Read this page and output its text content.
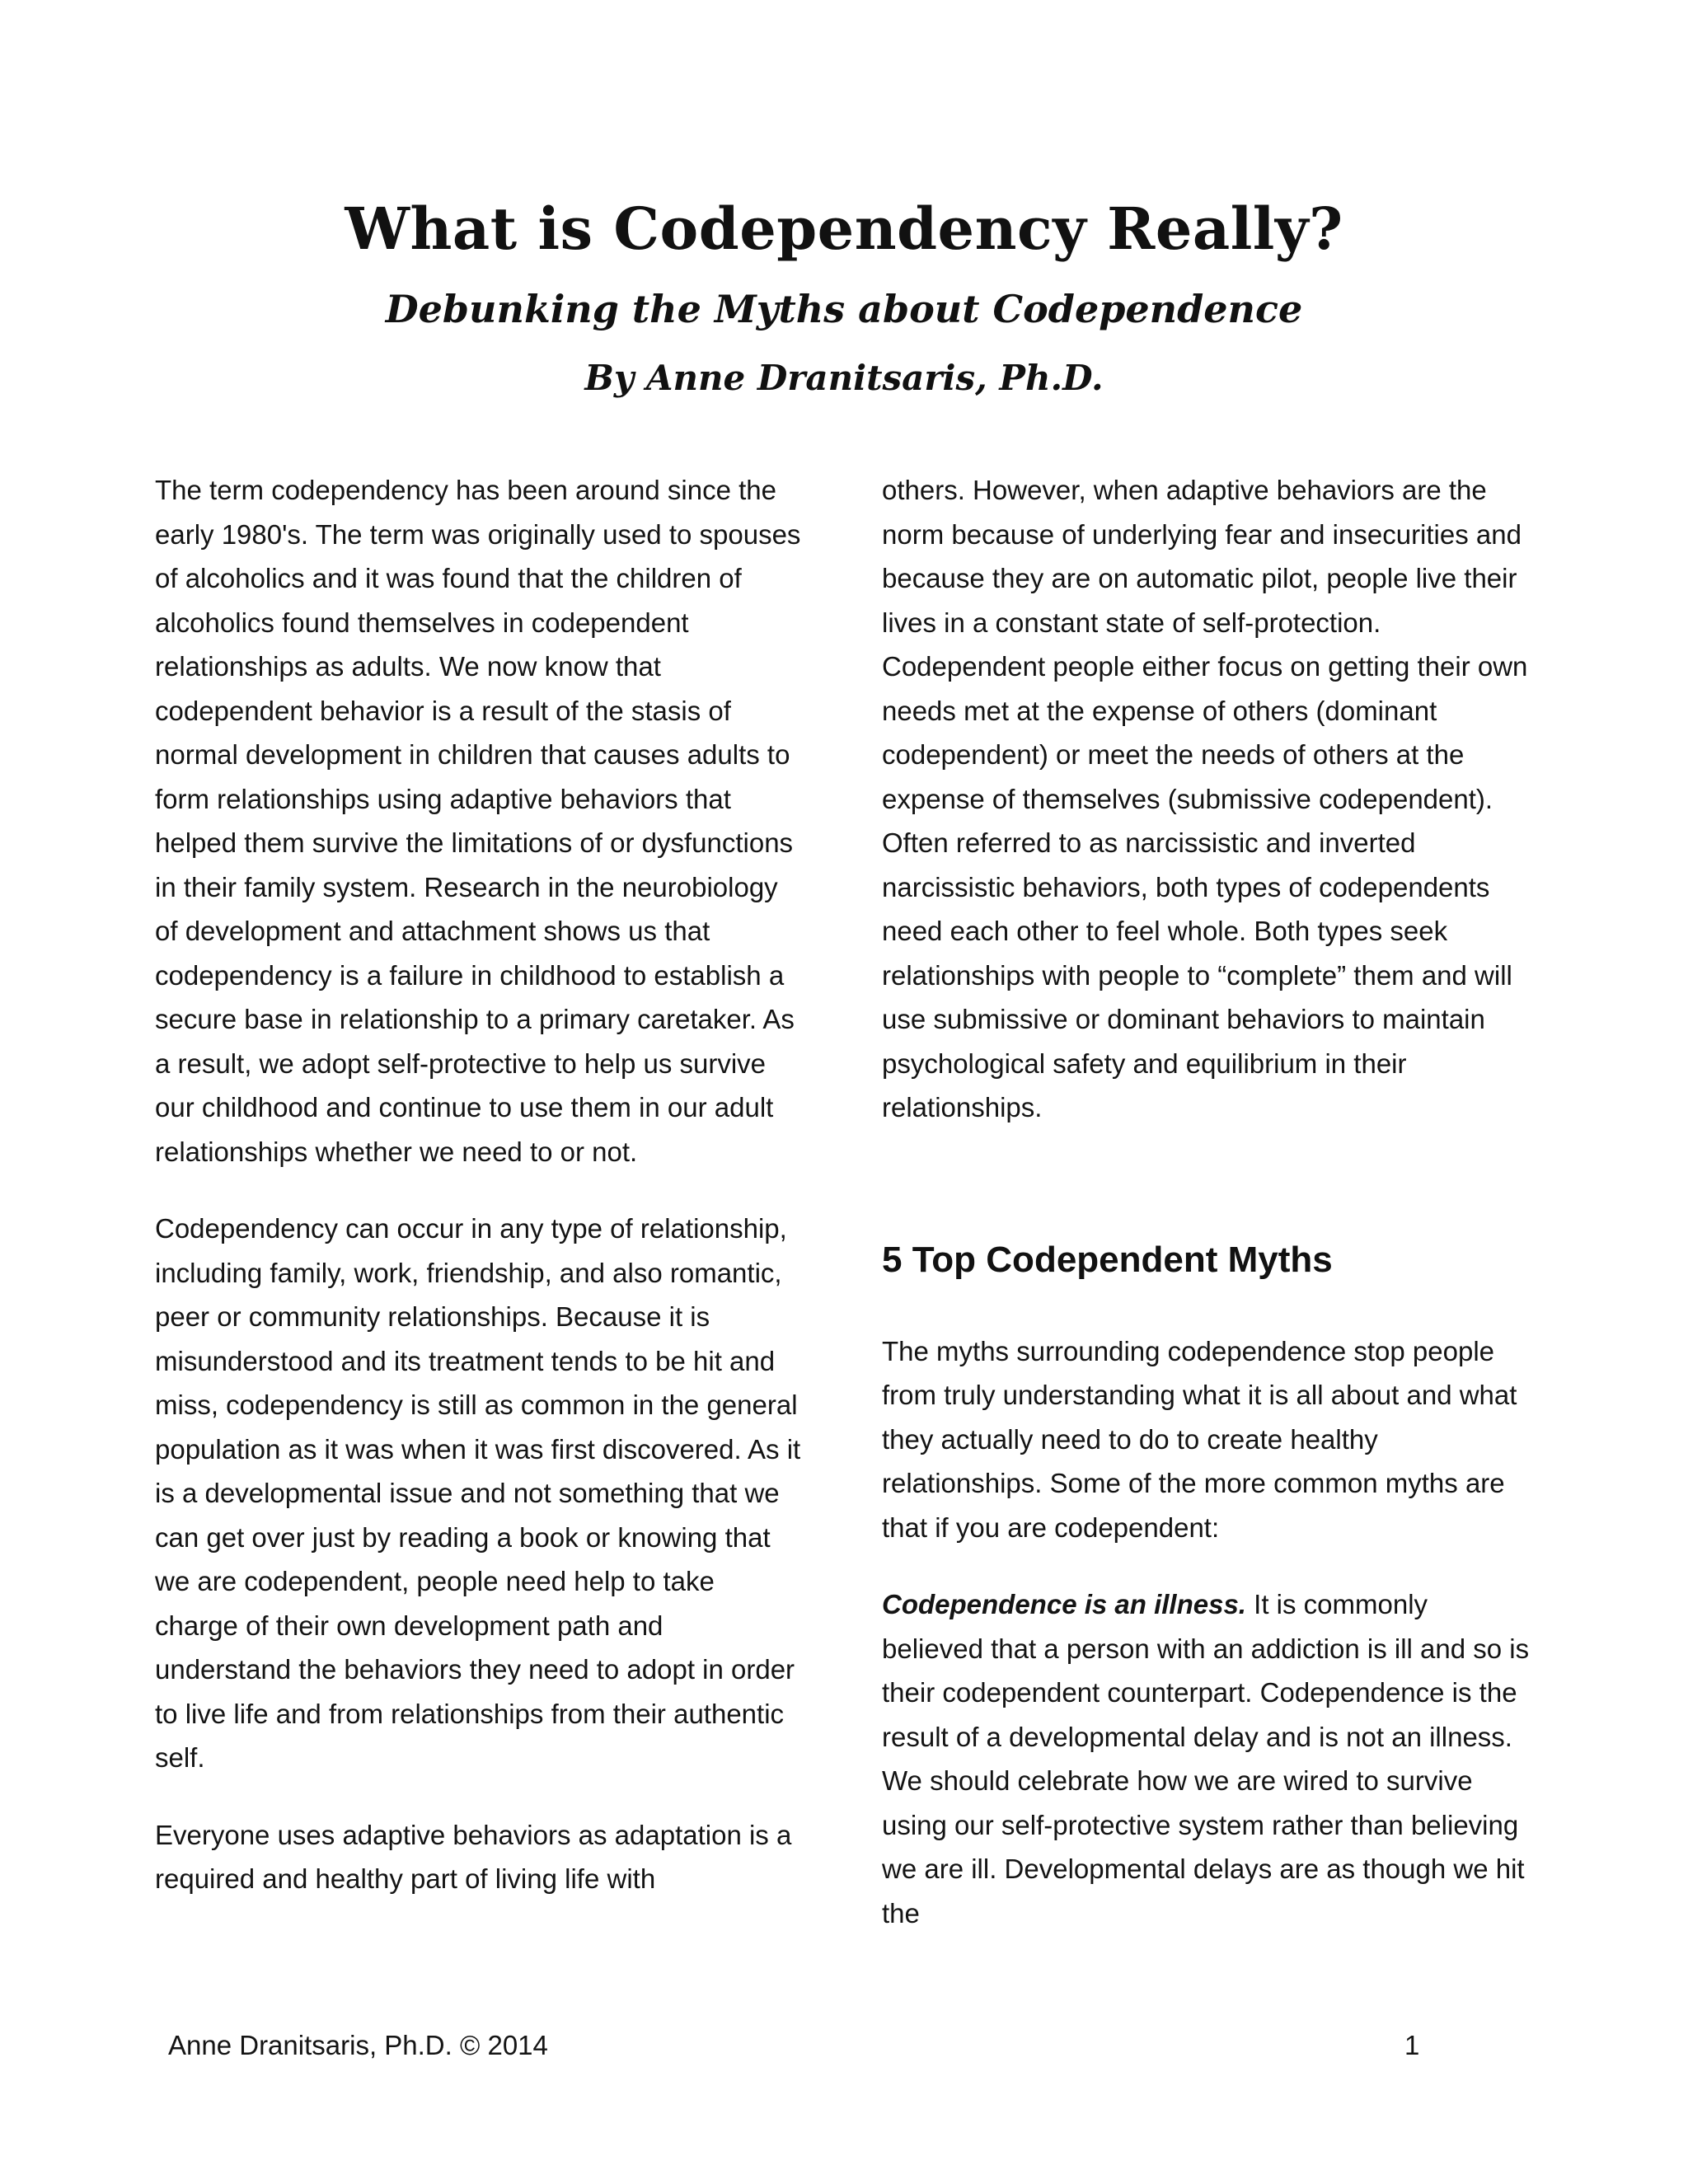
What is Codependency Really?
Debunking the Myths about Codependence
By Anne Dranitsaris, Ph.D.

The term codependency has been around since the early 1980's. The term was originally used to spouses of alcoholics and it was found that the children of alcoholics found themselves in codependent relationships as adults. We now know that codependent behavior is a result of the stasis of normal development in children that causes adults to form relationships using adaptive behaviors that helped them survive the limitations of or dysfunctions in their family system. Research in the neurobiology of development and attachment shows us that codependency is a failure in childhood to establish a secure base in relationship to a primary caretaker. As a result, we adopt self-protective to help us survive our childhood and continue to use them in our adult relationships whether we need to or not.

Codependency can occur in any type of relationship, including family, work, friendship, and also romantic, peer or community relationships. Because it is misunderstood and its treatment tends to be hit and miss, codependency is still as common in the general population as it was when it was first discovered. As it is a developmental issue and not something that we can get over just by reading a book or knowing that we are codependent, people need help to take charge of their own development path and understand the behaviors they need to adopt in order to live life and from relationships from their authentic self.

Everyone uses adaptive behaviors as adaptation is a required and healthy part of living life with

others. However, when adaptive behaviors are the norm because of underlying fear and insecurities and because they are on automatic pilot, people live their lives in a constant state of self-protection. Codependent people either focus on getting their own needs met at the expense of others (dominant codependent) or meet the needs of others at the expense of themselves (submissive codependent). Often referred to as narcissistic and inverted narcissistic behaviors, both types of codependents need each other to feel whole. Both types seek relationships with people to “complete” them and will use submissive or dominant behaviors to maintain psychological safety and equilibrium in their relationships.

5 Top Codependent Myths

The myths surrounding codependence stop people from truly understanding what it is all about and what they actually need to do to create healthy relationships. Some of the more common myths are that if you are codependent:

Codependence is an illness. It is commonly believed that a person with an addiction is ill and so is their codependent counterpart. Codependence is the result of a developmental delay and is not an illness. We should celebrate how we are wired to survive using our self-protective system rather than believing we are ill. Developmental delays are as though we hit the

Anne Dranitsaris, Ph.D. © 2014	1
